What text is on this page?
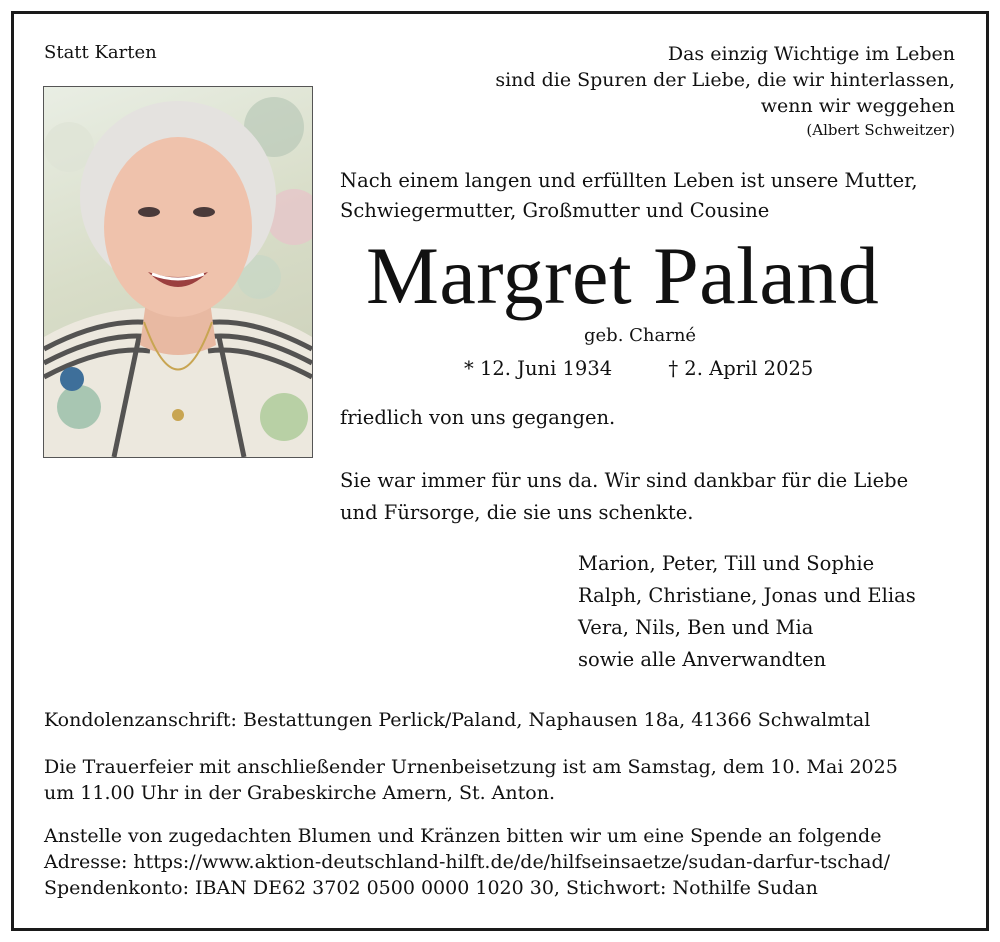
Statt Karten	Das einzig Wichtige im Leben
sind die Spuren der Liebe, die wir hinterlassen,
wenn wir weggehen
(Albert Schweitzer)
Nach einem langen und erfüllten Leben ist unsere Mutter,
Schwiegermutter, Großmutter und Cousine
Margret Paland
geb. Charné
* 12. Juni 1934	† 2. April 2025
friedlich von uns gegangen.
Sie war immer für uns da. Wir sind dankbar für die Liebe
und Fürsorge, die sie uns schenkte.
Marion, Peter, Till und Sophie
Ralph, Christiane, Jonas und Elias
Vera, Nils, Ben und Mia
sowie alle Anverwandten
Kondolenzanschrift: Bestattungen Perlick/Paland, Naphausen 18a, 41366 Schwalmtal
Die Trauerfeier mit anschließender Urnenbeisetzung ist am Samstag, dem 10. Mai 2025
um 11.00 Uhr in der Grabeskirche Amern, St. Anton.
Anstelle von zugedachten Blumen und Kränzen bitten wir um eine Spende an folgende
Adresse: https://www.aktion-deutschland-hilft.de/de/hilfseinsaetze/sudan-darfur-tschad/
Spendenkonto: IBAN DE62 3702 0500 0000 1020 30, Stichwort: Nothilfe Sudan
